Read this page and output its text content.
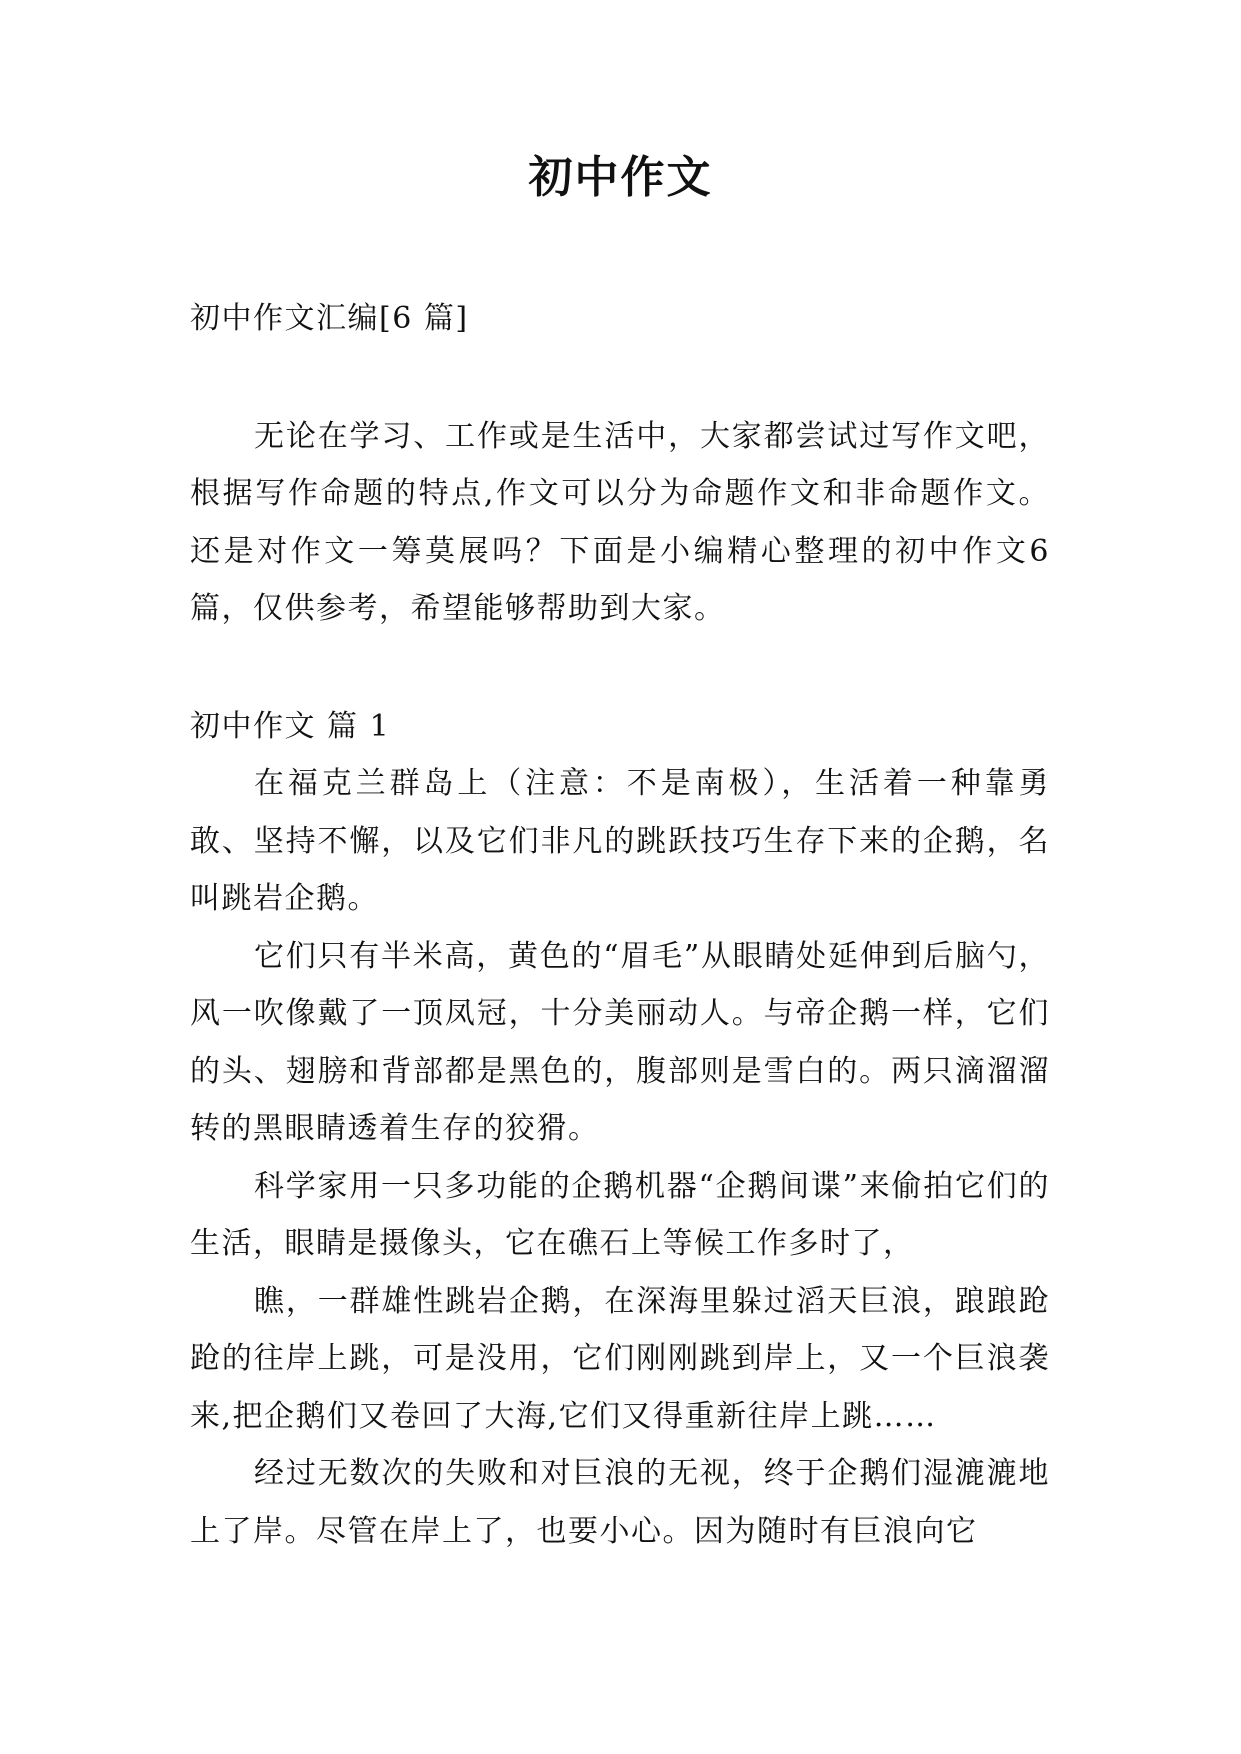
初中作文

初中作文汇编[6 篇]

无论在学习、工作或是生活中，大家都尝试过写作文吧，根据写作命题的特点,作文可以分为命题作文和非命题作文。还是对作文一筹莫展吗？下面是小编精心整理的初中作文6篇，仅供参考，希望能够帮助到大家。

初中作文 篇 1

在福克兰群岛上（注意：不是南极），生活着一种靠勇敢、坚持不懈，以及它们非凡的跳跃技巧生存下来的企鹅，名叫跳岩企鹅。

它们只有半米高，黄色的“眉毛”从眼睛处延伸到后脑勺，风一吹像戴了一顶凤冠，十分美丽动人。与帝企鹅一样，它们的头、翅膀和背部都是黑色的，腹部则是雪白的。两只滴溜溜转的黑眼睛透着生存的狡猾。

科学家用一只多功能的企鹅机器“企鹅间谍”来偷拍它们的生活，眼睛是摄像头，它在礁石上等候工作多时了，

瞧，一群雄性跳岩企鹅，在深海里躲过滔天巨浪，踉踉跄跄的往岸上跳，可是没用，它们刚刚跳到岸上，又一个巨浪袭来,把企鹅们又卷回了大海,它们又得重新往岸上跳……

经过无数次的失败和对巨浪的无视，终于企鹅们湿漉漉地上了岸。尽管在岸上了，也要小心。因为随时有巨浪向它
